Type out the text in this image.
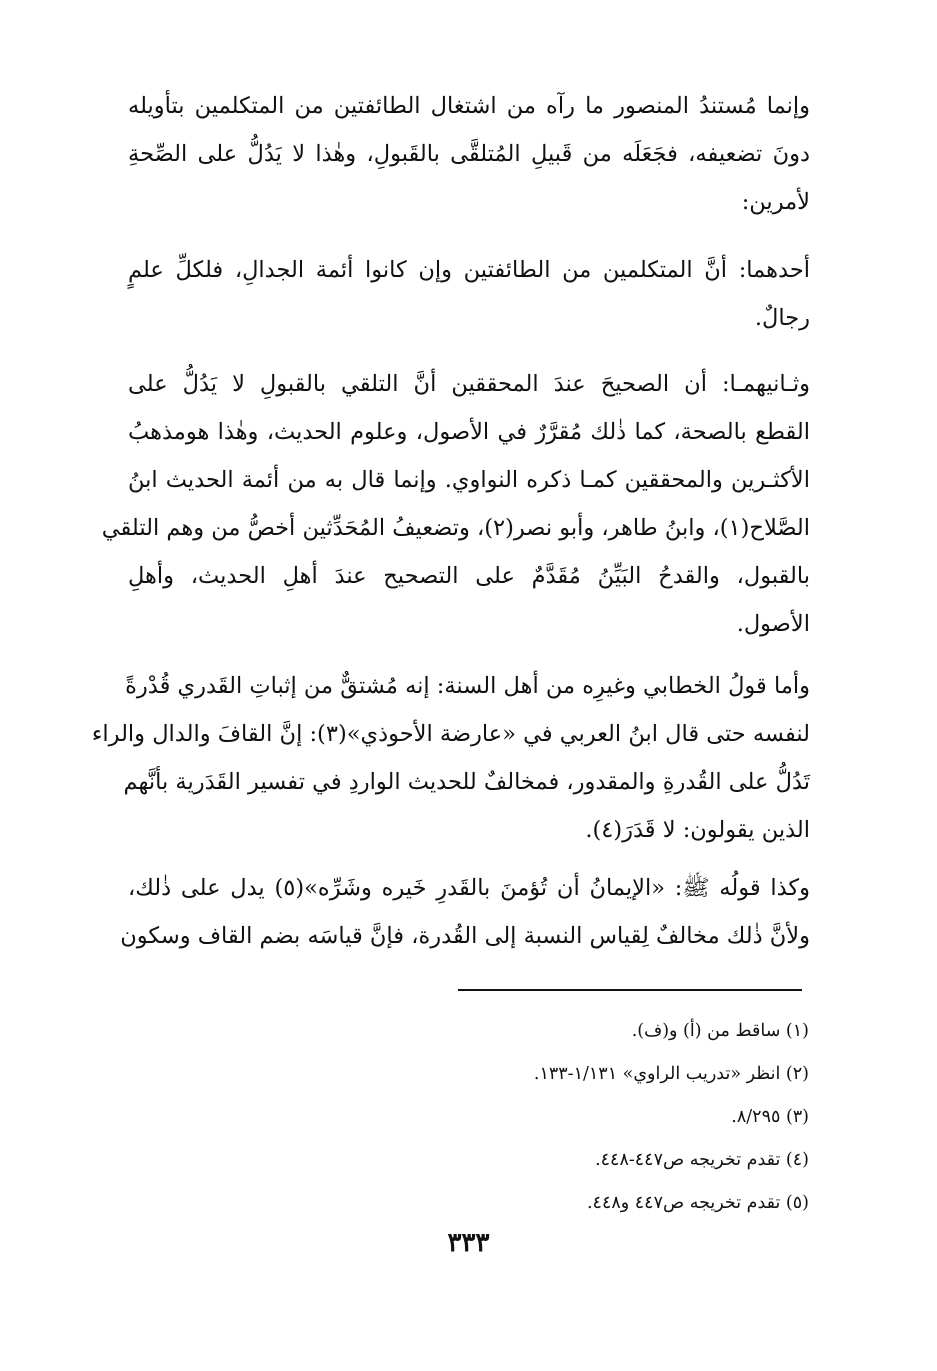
وإنما مُستندُ المنصور ما رآه من اشتغال الطائفتين من المتكلمين بتأويله
دونَ تضعيفه، فجَعَلَه من قَبيلِ المُتلقَّى بالقَبولِ، وهٰذا لا يَدُلُّ على الصِّحةِ
لأمرين:
أحدهما: أنَّ المتكلمين من الطائفتين وإن كانوا أئمة الجدالِ، فلكلِّ علمٍ
رجالٌ.
وثـانيهمـا: أن الصحيحَ عندَ المحققين أنَّ التلقي بالقبولِ لا يَدُلُّ على
القطع بالصحة، كما ذٰلك مُقرَّرٌ في الأصول، وعلوم الحديث، وهٰذا هومذهبُ
الأكثـرين والمحققين كمـا ذكره النواوي. وإنما قال به من أئمة الحديث ابنُ
الصَّلاح(١)، وابنُ طاهر، وأبو نصر(٢)، وتضعيفُ المُحَدِّثين أخصُّ من وهم التلقي
بالقبول، والقدحُ البَيِّنُ مُقَدَّمٌ على التصحيح عندَ أهلِ الحديث، وأهلِ
الأصول.
وأما قولُ الخطابي وغيرِه من أهل السنة: إنه مُشتقٌّ من إثباتِ القَدري قُدْرةً
لنفسه حتى قال ابنُ العربي في «عارضة الأحوذي»(٣): إنَّ القافَ والدال والراء
تَدُلُّ على القُدرةِ والمقدور، فمخالفٌ للحديث الواردِ في تفسير القَدَرية بأنَّهم
الذين يقولون: لا قَدَرَ(٤).
وكذا قولُه ﷺ: «الإيمانُ أن تُؤمنَ بالقَدرِ خَيره وشَرِّه»(٥) يدل على ذٰلك،
ولأنَّ ذٰلك مخالفٌ لِقياس النسبة إلى القُدرة، فإنَّ قياسَه بضم القاف وسكون
(١) ساقط من (أ) و(ف).
(٢) انظر «تدريب الراوي» ١/١٣١-١٣٣.
(٣) ٨/٢٩٥.
(٤) تقدم تخريجه ص٤٤٧-٤٤٨.
(٥) تقدم تخريجه ص٤٤٧ و٤٤٨.
٣٣٣
